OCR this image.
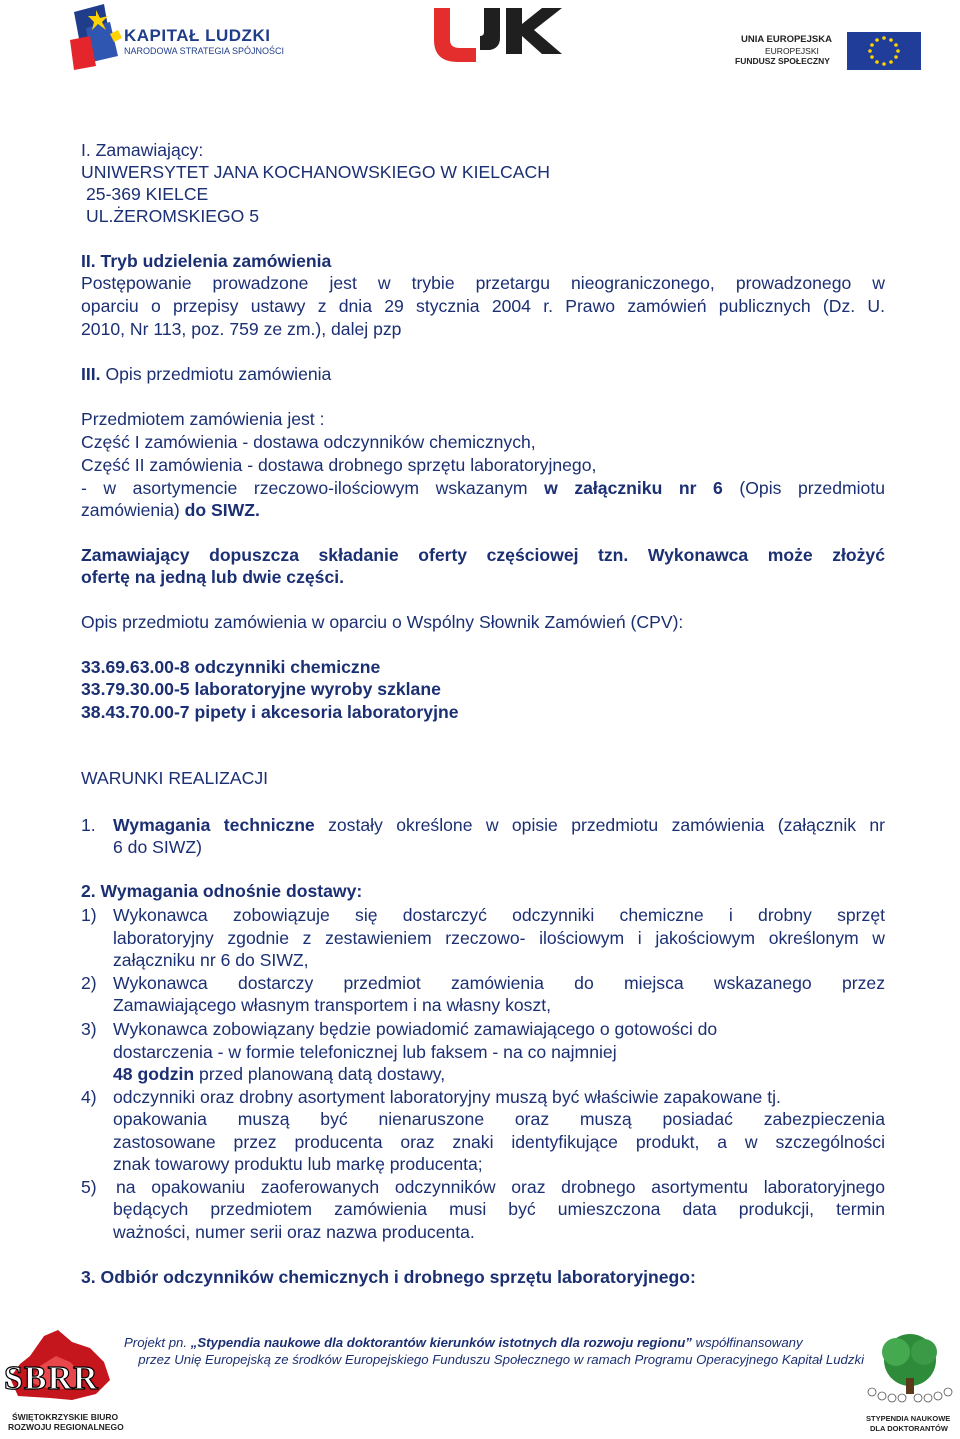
KAPITAŁ LUDZKI
NARODOWA STRATEGIA SPÓJNOŚCI
UNIA EUROPEJSKA
EUROPEJSKI
FUNDUSZ SPOŁECZNY
I. Zamawiający:
UNIWERSYTET JANA KOCHANOWSKIEGO W KIELCACH
25-369 KIELCE
UL.ŻEROMSKIEGO 5
II. Tryb udzielenia zamówienia
Postępowanie prowadzone jest w trybie przetargu nieograniczonego, prowadzonego w
oparciu o przepisy ustawy z dnia 29 stycznia 2004 r. Prawo zamówień publicznych (Dz. U.
2010, Nr 113, poz. 759 ze zm.), dalej pzp
III. Opis przedmiotu zamówienia
Przedmiotem zamówienia jest :
Część I zamówienia - dostawa odczynników chemicznych,
Część II zamówienia - dostawa drobnego sprzętu laboratoryjnego,
- w asortymencie rzeczowo-ilościowym wskazanym w załączniku nr 6 (Opis przedmiotu
zamówienia) do SIWZ.
Zamawiający dopuszcza składanie oferty częściowej tzn. Wykonawca może złożyć
ofertę na jedną lub dwie części.
Opis przedmiotu zamówienia w oparciu o Wspólny Słownik Zamówień (CPV):
33.69.63.00-8 odczynniki chemiczne
33.79.30.00-5 laboratoryjne wyroby szklane
38.43.70.00-7 pipety i akcesoria laboratoryjne
WARUNKI REALIZACJI
1. Wymagania techniczne zostały określone w opisie przedmiotu zamówienia (załącznik nr
6 do SIWZ)
2. Wymagania odnośnie dostawy:
1) Wykonawca zobowiązuje się dostarczyć odczynniki chemiczne i drobny sprzęt
laboratoryjny zgodnie z zestawieniem rzeczowo- ilościowym i jakościowym określonym w
załączniku nr 6 do SIWZ,
2) Wykonawca dostarczy przedmiot zamówienia do miejsca wskazanego przez
Zamawiającego własnym transportem i na własny koszt,
3) Wykonawca zobowiązany będzie powiadomić zamawiającego o gotowości do
dostarczenia - w formie telefonicznej lub faksem - na co najmniej
48 godzin przed planowaną datą dostawy,
4) odczynniki oraz drobny asortyment laboratoryjny muszą być właściwie zapakowane tj.
opakowania muszą być nienaruszone oraz muszą posiadać zabezpieczenia
zastosowane przez producenta oraz znaki identyfikujące produkt, a w szczególności
znak towarowy produktu lub markę producenta;
5) na opakowaniu zaoferowanych odczynników oraz drobnego asortymentu laboratoryjnego
będących przedmiotem zamówienia musi być umieszczona data produkcji, termin
ważności, numer serii oraz nazwa producenta.
3. Odbiór odczynników chemicznych i drobnego sprzętu laboratoryjnego:
SBRR
ŚWIĘTOKRZYSKIE BIURO
ROZWOJU REGIONALNEGO
Projekt pn. „Stypendia naukowe dla doktorantów kierunków istotnych dla rozwoju regionu” współfinansowany
przez Unię Europejską ze środków Europejskiego Funduszu Społecznego w ramach Programu Operacyjnego Kapitał Ludzki
STYPENDIA NAUKOWE
DLA DOKTORANTÓW
